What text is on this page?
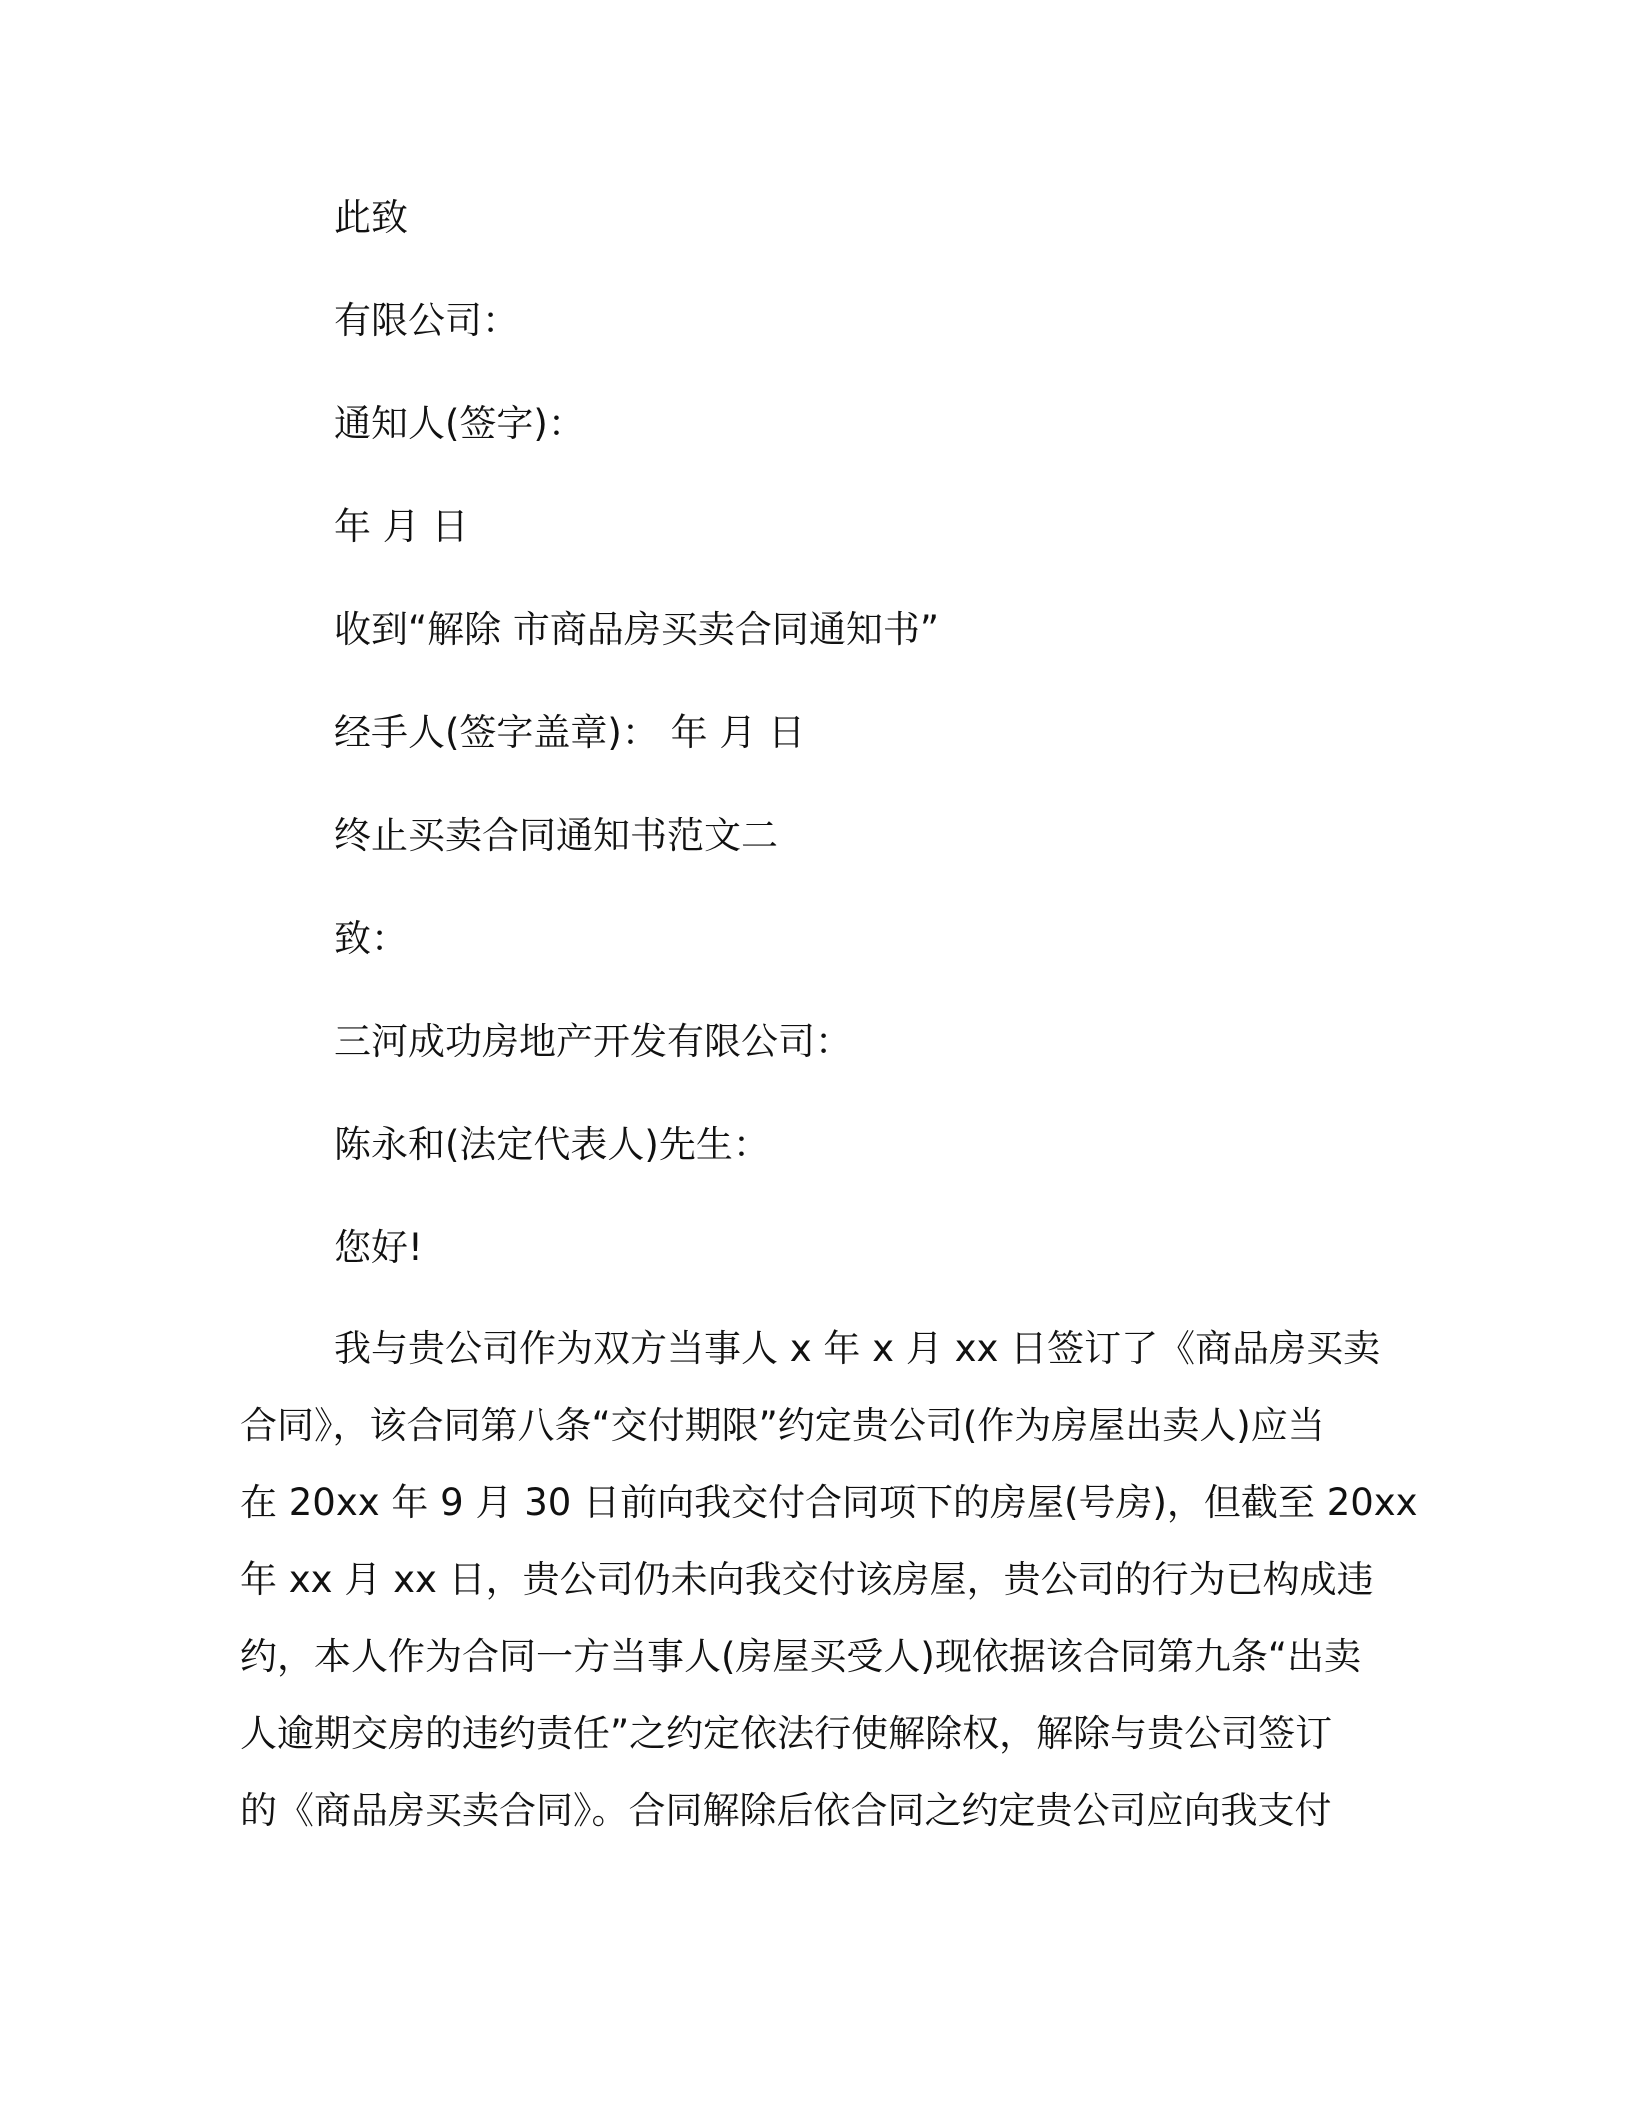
此致
有限公司：
通知人(签字)：
年 月 日
收到“解除 市商品房买卖合同通知书”
经手人(签字盖章)： 年 月 日
终止买卖合同通知书范文二
致：
三河成功房地产开发有限公司：
陈永和(法定代表人)先生：
您好!
我与贵公司作为双方当事人 x 年 x 月 xx 日签订了《商品房买卖
合同》，该合同第八条“交付期限”约定贵公司(作为房屋出卖人)应当
在 20xx 年 9 月 30 日前向我交付合同项下的房屋(号房)，但截至 20xx
年 xx 月 xx 日，贵公司仍未向我交付该房屋，贵公司的行为已构成违
约，本人作为合同一方当事人(房屋买受人)现依据该合同第九条“出卖
人逾期交房的违约责任”之约定依法行使解除权，解除与贵公司签订
的《商品房买卖合同》。合同解除后依合同之约定贵公司应向我支付
